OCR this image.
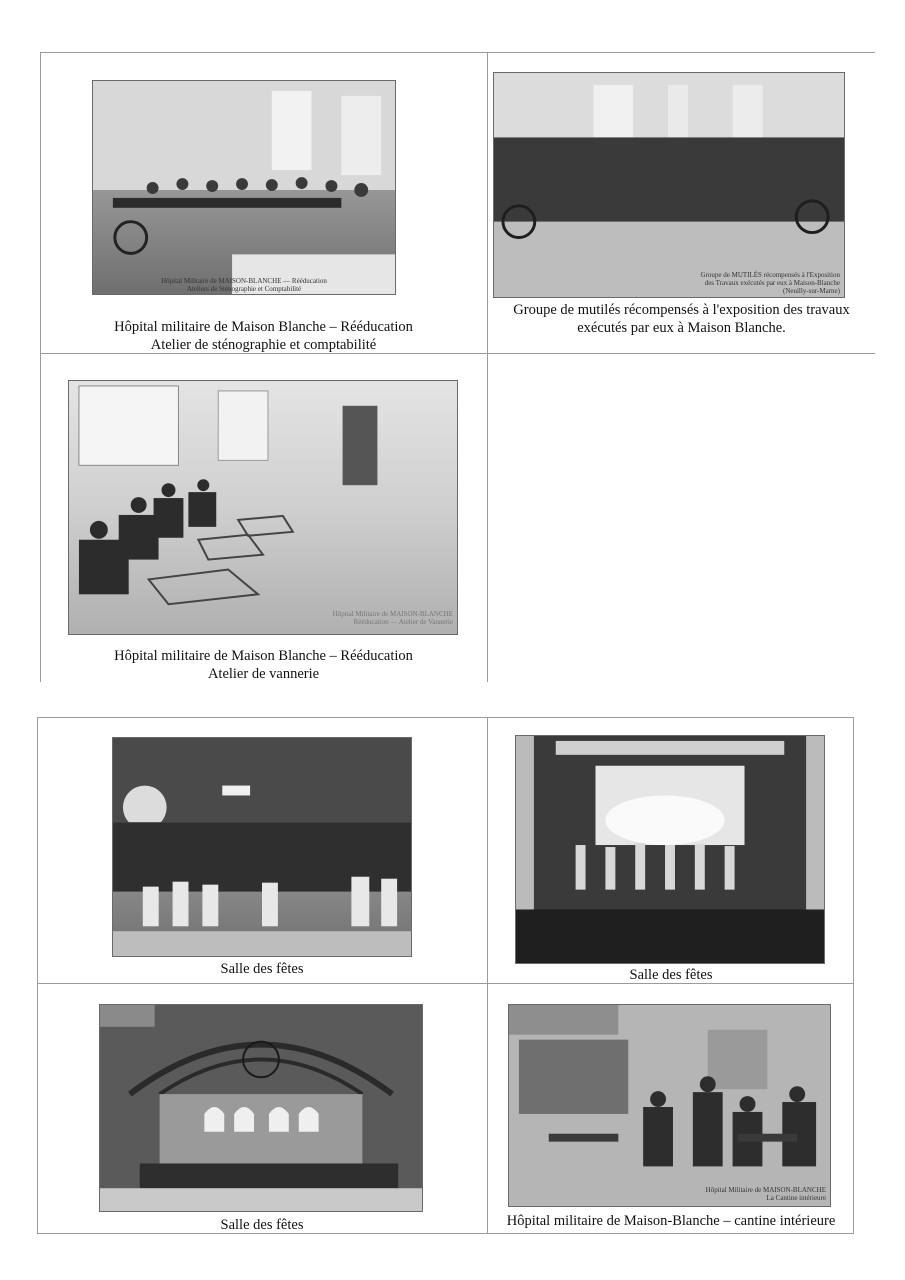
Hôpital Militaire de MAISON-BLANCHE — Rééducation
Ateliers de Sténographie et Comptabilité
Hôpital militaire de Maison Blanche – Rééducation
Atelier de sténographie et comptabilité
Groupe de MUTILÉS récompensés à l'Exposition
des Travaux exécutés par eux à Maison-Blanche
(Neuilly-sur-Marne)
Groupe de mutilés récompensés à l'exposition des travaux
exécutés par eux à Maison Blanche.
Hôpital Militaire de MAISON-BLANCHE
Rééducation — Atelier de Vannerie
Hôpital militaire de Maison Blanche – Rééducation
Atelier de vannerie
Salle des fêtes	Salle des fêtes
Salle des fêtes
Hôpital Militaire de MAISON-BLANCHE
La Cantine intérieure
Hôpital militaire de Maison-Blanche – cantine intérieure
